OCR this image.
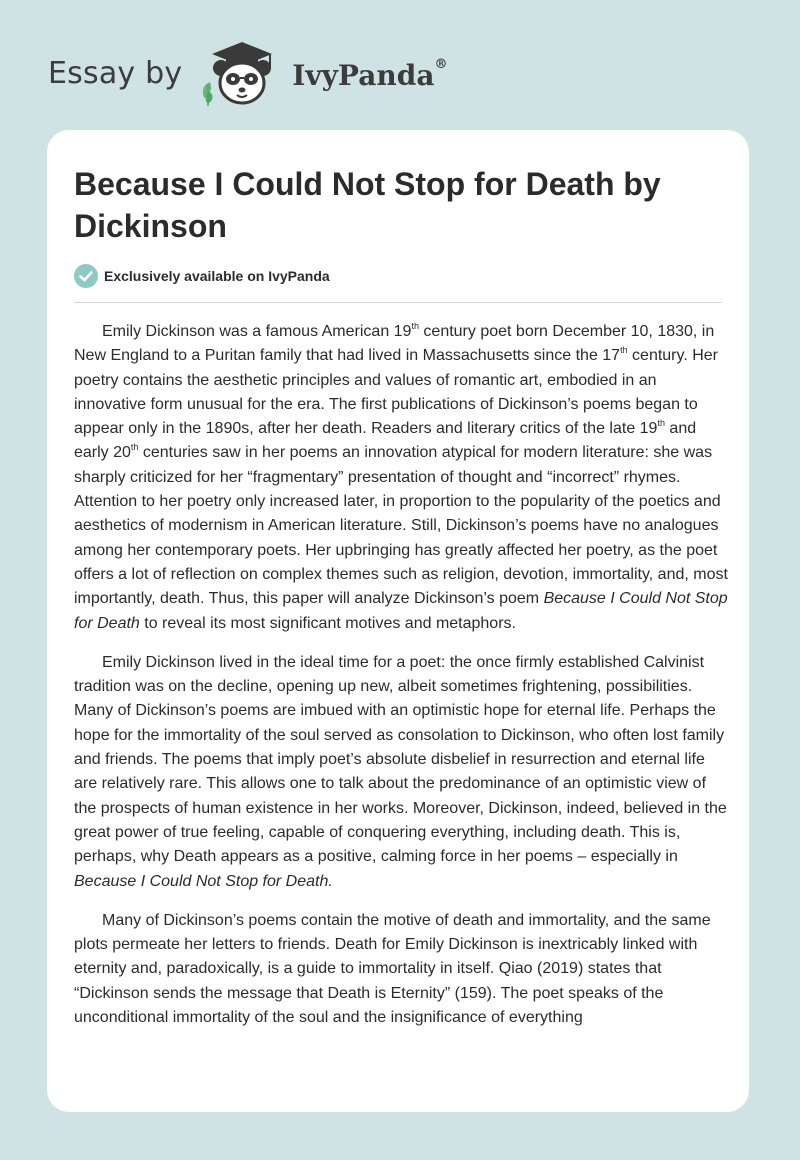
Essay by	IvyPanda®
Because I Could Not Stop for Death by Dickinson
Exclusively available on IvyPanda

Emily Dickinson was a famous American 19th century poet born December 10, 1830, in New England to a Puritan family that had lived in Massachusetts since the 17th century. Her poetry contains the aesthetic principles and values of romantic art, embodied in an innovative form unusual for the era. The first publications of Dickinson’s poems began to appear only in the 1890s, after her death. Readers and literary critics of the late 19th and early 20th centuries saw in her poems an innovation atypical for modern literature: she was sharply criticized for her “fragmentary” presentation of thought and “incorrect” rhymes. Attention to her poetry only increased later, in proportion to the popularity of the poetics and aesthetics of modernism in American literature. Still, Dickinson’s poems have no analogues among her contemporary poets. Her upbringing has greatly affected her poetry, as the poet offers a lot of reflection on complex themes such as religion, devotion, immortality, and, most importantly, death. Thus, this paper will analyze Dickinson’s poem Because I Could Not Stop for Death to reveal its most significant motives and metaphors.

Emily Dickinson lived in the ideal time for a poet: the once firmly established Calvinist tradition was on the decline, opening up new, albeit sometimes frightening, possibilities. Many of Dickinson’s poems are imbued with an optimistic hope for eternal life. Perhaps the hope for the immortality of the soul served as consolation to Dickinson, who often lost family and friends. The poems that imply poet’s absolute disbelief in resurrection and eternal life are relatively rare. This allows one to talk about the predominance of an optimistic view of the prospects of human existence in her works. Moreover, Dickinson, indeed, believed in the great power of true feeling, capable of conquering everything, including death. This is, perhaps, why Death appears as a positive, calming force in her poems – especially in Because I Could Not Stop for Death.

Many of Dickinson’s poems contain the motive of death and immortality, and the same plots permeate her letters to friends. Death for Emily Dickinson is inextricably linked with eternity and, paradoxically, is a guide to immortality in itself. Qiao (2019) states that “Dickinson sends the message that Death is Eternity” (159). The poet speaks of the unconditional immortality of the soul and the insignificance of everything
